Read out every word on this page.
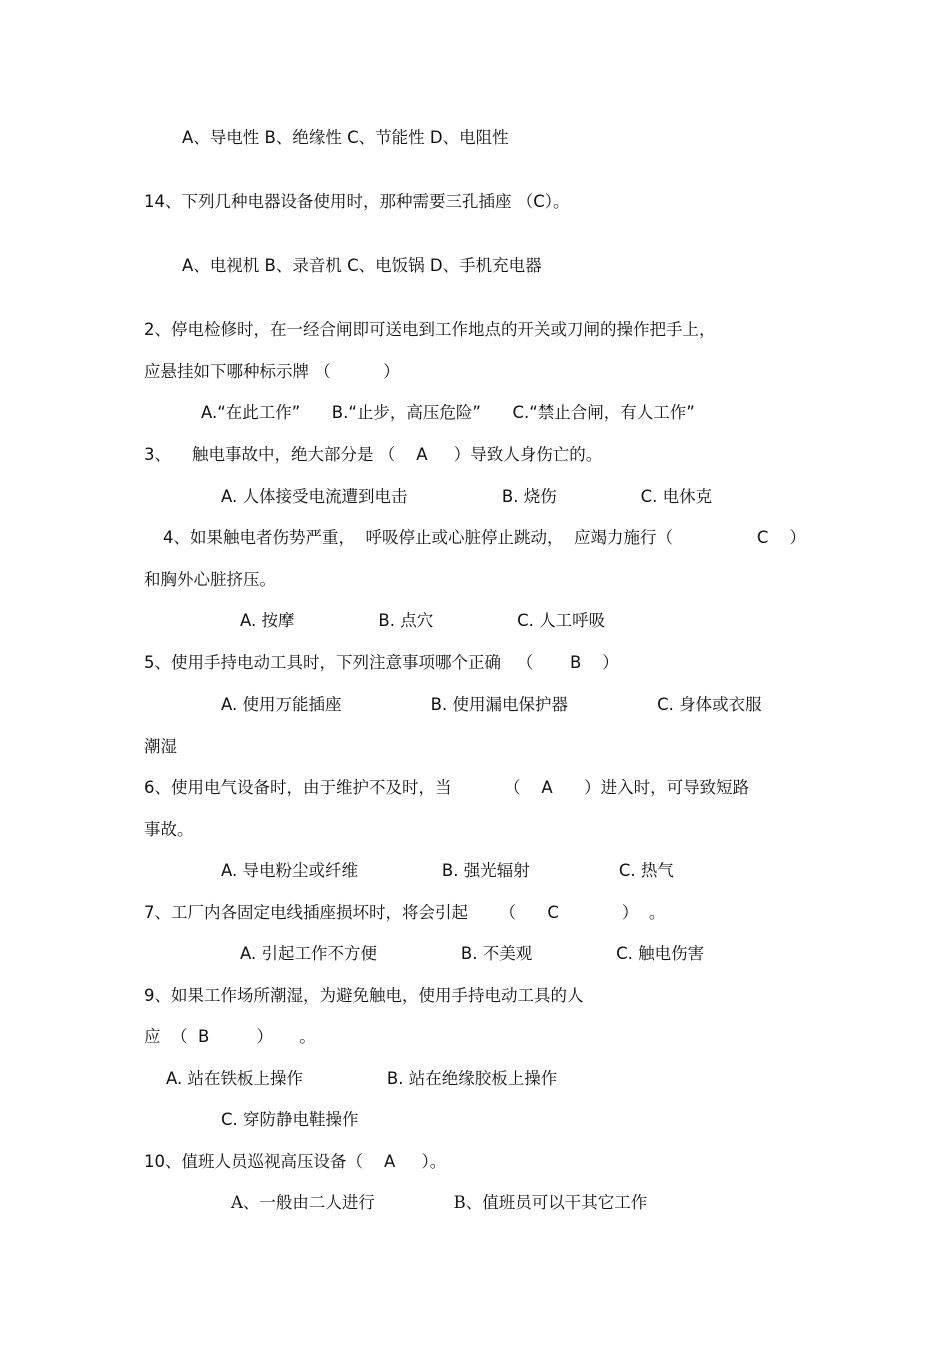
A、导电性 B、绝缘性 C、节能性 D、电阻性
14、下列几种电器设备使用时，那种需要三孔插座 （C）。
A、电视机 B、录音机 C、电饭锅 D、手机充电器
2、停电检修时，在一经合闸即可送电到工作地点的开关或刀闸的操作把手上，
应悬挂如下哪种标示牌 （          ）
A.“在此工作”      B.“止步，高压危险”      C.“禁止合闸，有人工作”
3、    触电事故中，绝大部分是 （    A     ）导致人身伤亡的。
A. 人体接受电流遭到电击                  B. 烧伤                C. 电休克
4、如果触电者伤势严重，  呼吸停止或心脏停止跳动，  应竭力施行（                C    ）
和胸外心脏挤压。
A. 按摩                B. 点穴                C. 人工呼吸
5、使用手持电动工具时，下列注意事项哪个正确   （       B    ）
A. 使用万能插座                 B. 使用漏电保护器                 C. 身体或衣服
潮湿
6、使用电气设备时，由于维护不及时，当          （    A      ）进入时，可导致短路
事故。
A. 导电粉尘或纤维                B. 强光辐射                 C. 热气
7、工厂内各固定电线插座损坏时，将会引起      （      C            ）  。
A. 引起工作不方便                B. 不美观                C. 触电伤害
9、如果工作场所潮湿，为避免触电，使用手持电动工具的人
应  （  B         ）     。
A. 站在铁板上操作                B. 站在绝缘胶板上操作
C. 穿防静电鞋操作
10、值班人员巡视高压设备（    A     ）。
A、一般由二人进行               B、值班员可以干其它工作
